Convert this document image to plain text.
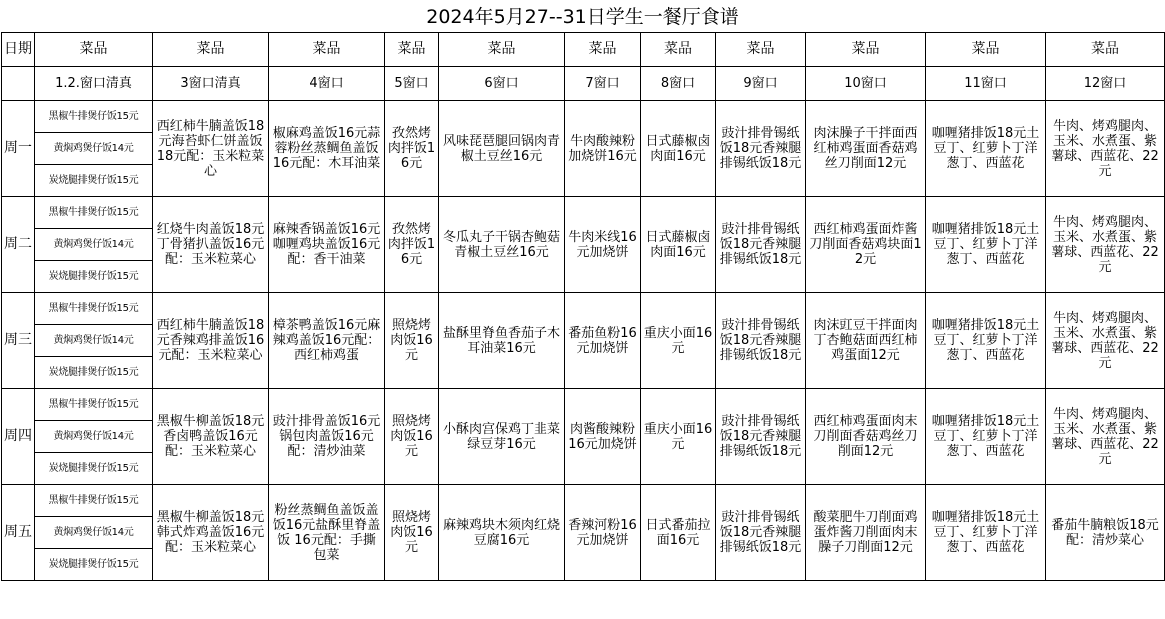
2024年5月27--31日学生一餐厅食谱
日期	菜品	菜品	菜品	菜品	菜品	菜品	菜品	菜品	菜品	菜品	菜品
	1.2.窗口清真	3窗口清真	4窗口	5窗口	6窗口	7窗口	8窗口	9窗口	10窗口	11窗口	12窗口
周一	黑椒牛排煲仔饭15元	西红柿牛腩盖饭18元海苔虾仁饼盖饭18元配：玉米粒菜心	椒麻鸡盖饭16元蒜蓉粉丝蒸鲷鱼盖饭16元配：木耳油菜	孜然烤肉拌饭16元	风味琵琶腿回锅肉青椒土豆丝16元	牛肉酸辣粉加烧饼16元	日式藤椒卤肉面16元	豉汁排骨锡纸饭18元香辣腿排锡纸饭18元	肉沫臊子干拌面西红柿鸡蛋面香菇鸡丝刀削面12元	咖喱猪排饭18元土豆丁、红萝卜丁洋葱丁、西蓝花	牛肉、烤鸡腿肉、玉米、水煮蛋、紫薯球、西蓝花、22元
	黄焖鸡煲仔饭14元										
	炭烧腿排煲仔饭15元										
周二	黑椒牛排煲仔饭15元	红烧牛肉盖饭18元丁骨猪扒盖饭16元配：玉米粒菜心	麻辣香锅盖饭16元 咖喱鸡块盖饭16元配：香干油菜	孜然烤肉拌饭16元	冬瓜丸子干锅杏鲍菇青椒土豆丝16元	牛肉米线16元加烧饼	日式藤椒卤肉面16元	豉汁排骨锡纸饭18元香辣腿排锡纸饭18元	西红柿鸡蛋面炸酱刀削面香菇鸡块面12元	咖喱猪排饭18元土豆丁、红萝卜丁洋葱丁、西蓝花	牛肉、烤鸡腿肉、玉米、水煮蛋、紫薯球、西蓝花、22元
	黄焖鸡煲仔饭14元										
	炭烧腿排煲仔饭15元										
周三	黑椒牛排煲仔饭15元	西红柿牛腩盖饭18元香辣鸡排盖饭16元配：玉米粒菜心	樟茶鸭盖饭16元麻辣鸡盖饭16元配：西红柿鸡蛋	照烧烤肉饭16元	盐酥里脊鱼香茄子木耳油菜16元	番茄鱼粉16元加烧饼	重庆小面16元	豉汁排骨锡纸饭18元香辣腿排锡纸饭18元	肉沫豇豆干拌面肉丁杏鲍菇面西红柿鸡蛋面12元	咖喱猪排饭18元土豆丁、红萝卜丁洋葱丁、西蓝花	牛肉、烤鸡腿肉、玉米、水煮蛋、紫薯球、西蓝花、22元
	黄焖鸡煲仔饭14元										
	炭烧腿排煲仔饭15元										
周四	黑椒牛排煲仔饭15元	黑椒牛柳盖饭18元香卤鸭盖饭16元配：玉米粒菜心	豉汁排骨盖饭16元 锅包肉盖饭16元配：清炒油菜	照烧烤肉饭16元	小酥肉宫保鸡丁韭菜绿豆芽16元	肉酱酸辣粉16元加烧饼	重庆小面16元	豉汁排骨锡纸饭18元香辣腿排锡纸饭18元	西红柿鸡蛋面肉末刀削面香菇鸡丝刀削面12元	咖喱猪排饭18元土豆丁、红萝卜丁洋葱丁、西蓝花	牛肉、烤鸡腿肉、玉米、水煮蛋、紫薯球、西蓝花、22元
	黄焖鸡煲仔饭14元										
	炭烧腿排煲仔饭15元										
周五	黑椒牛排煲仔饭15元	黑椒牛柳盖饭18元韩式炸鸡盖饭16元配：玉米粒菜心	粉丝蒸鲷鱼盖饭盖饭16元盐酥里脊盖饭 16元配：手撕包菜	照烧烤肉饭16元	麻辣鸡块木须肉红烧豆腐16元	香辣河粉16元加烧饼	日式番茄拉面16元	豉汁排骨锡纸饭18元香辣腿排锡纸饭18元	酸菜肥牛刀削面鸡蛋炸酱刀削面肉末臊子刀削面12元	咖喱猪排饭18元土豆丁、红萝卜丁洋葱丁、西蓝花	番茄牛腩粮饭18元配：清炒菜心
	黄焖鸡煲仔饭14元										
	炭烧腿排煲仔饭15元										
